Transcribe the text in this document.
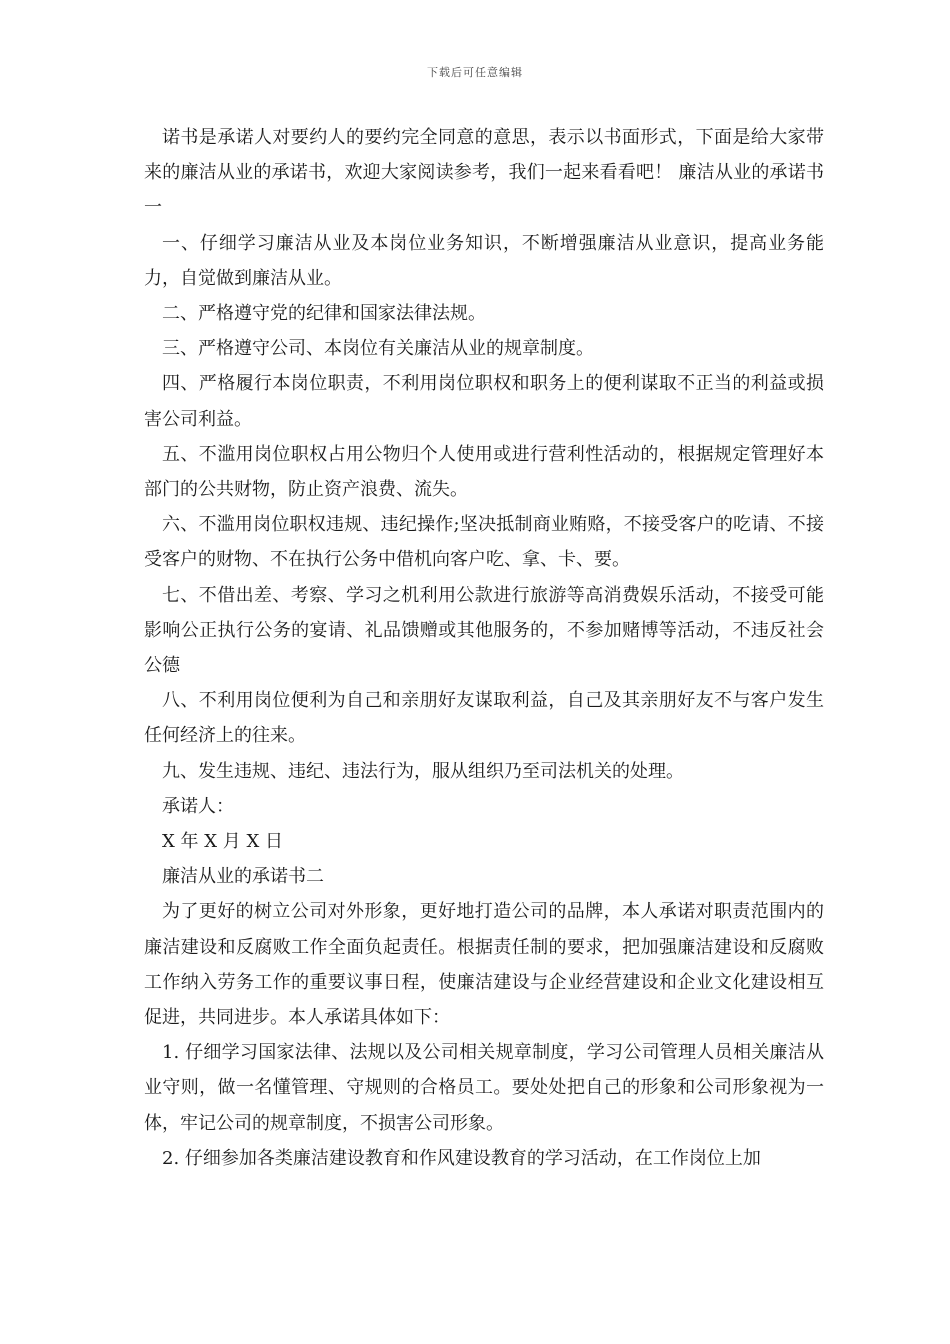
下载后可任意编辑

诺书是承诺人对要约人的要约完全同意的意思，表示以书面形式，下面是给大家带来的廉洁从业的承诺书，欢迎大家阅读参考，我们一起来看看吧！ 廉洁从业的承诺书一

一、仔细学习廉洁从业及本岗位业务知识，不断增强廉洁从业意识，提高业务能力，自觉做到廉洁从业。

二、严格遵守党的纪律和国家法律法规。

三、严格遵守公司、本岗位有关廉洁从业的规章制度。

四、严格履行本岗位职责，不利用岗位职权和职务上的便利谋取不正当的利益或损害公司利益。

五、不滥用岗位职权占用公物归个人使用或进行营利性活动的，根据规定管理好本部门的公共财物，防止资产浪费、流失。

六、不滥用岗位职权违规、违纪操作;坚决抵制商业贿赂，不接受客户的吃请、不接受客户的财物、不在执行公务中借机向客户吃、拿、卡、要。

七、不借出差、考察、学习之机利用公款进行旅游等高消费娱乐活动，不接受可能影响公正执行公务的宴请、礼品馈赠或其他服务的，不参加赌博等活动，不违反社会公德

八、不利用岗位便利为自己和亲朋好友谋取利益，自己及其亲朋好友不与客户发生任何经济上的往来。

九、发生违规、违纪、违法行为，服从组织乃至司法机关的处理。

承诺人：

X 年 X 月 X 日

廉洁从业的承诺书二

为了更好的树立公司对外形象，更好地打造公司的品牌，本人承诺对职责范围内的廉洁建设和反腐败工作全面负起责任。根据责任制的要求，把加强廉洁建设和反腐败工作纳入劳务工作的重要议事日程，使廉洁建设与企业经营建设和企业文化建设相互促进，共同进步。本人承诺具体如下：

1. 仔细学习国家法律、法规以及公司相关规章制度，学习公司管理人员相关廉洁从业守则，做一名懂管理、守规则的合格员工。要处处把自己的形象和公司形象视为一体，牢记公司的规章制度，不损害公司形象。

2. 仔细参加各类廉洁建设教育和作风建设教育的学习活动，在工作岗位上加
